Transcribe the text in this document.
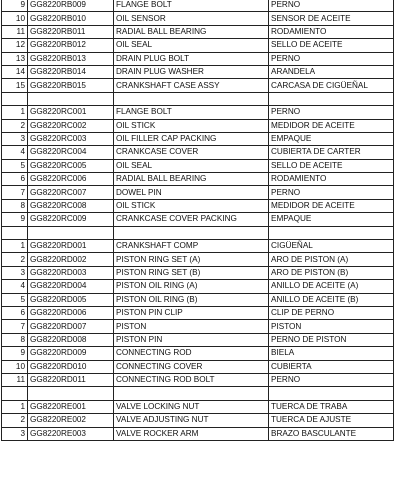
9	GG8220RB009	FLANGE BOLT	PERNO
10	GG8220RB010	OIL SENSOR	SENSOR DE ACEITE
11	GG8220RB011	RADIAL BALL BEARING	RODAMIENTO
12	GG8220RB012	OIL SEAL	SELLO DE ACEITE
13	GG8220RB013	DRAIN PLUG BOLT	PERNO
14	GG8220RB014	DRAIN PLUG WASHER	ARANDELA
15	GG8220RB015	CRANKSHAFT CASE ASSY	CARCASA DE CIGÜEÑAL

1	GG8220RC001	FLANGE BOLT	PERNO
2	GG8220RC002	OIL STICK	MEDIDOR DE ACEITE
3	GG8220RC003	OIL FILLER CAP PACKING	EMPAQUE
4	GG8220RC004	CRANKCASE COVER	CUBIERTA DE CARTER
5	GG8220RC005	OIL SEAL	SELLO DE ACEITE
6	GG8220RC006	RADIAL BALL BEARING	RODAMIENTO
7	GG8220RC007	DOWEL PIN	PERNO
8	GG8220RC008	OIL STICK	MEDIDOR DE ACEITE
9	GG8220RC009	CRANKCASE COVER PACKING	EMPAQUE

1	GG8220RD001	CRANKSHAFT COMP	CIGÜEÑAL
2	GG8220RD002	PISTON RING SET (A)	ARO DE PISTON (A)
3	GG8220RD003	PISTON RING SET (B)	ARO DE PISTON (B)
4	GG8220RD004	PISTON OIL RING (A)	ANILLO DE ACEITE (A)
5	GG8220RD005	PISTON OIL RING (B)	ANILLO DE ACEITE (B)
6	GG8220RD006	PISTON PIN CLIP	CLIP DE PERNO
7	GG8220RD007	PISTON	PISTON
8	GG8220RD008	PISTON PIN	PERNO DE PISTON
9	GG8220RD009	CONNECTING ROD	BIELA
10	GG8220RD010	CONNECTING COVER	CUBIERTA
11	GG8220RD011	CONNECTING ROD BOLT	PERNO

1	GG8220RE001	VALVE LOCKING NUT	TUERCA DE TRABA
2	GG8220RE002	VALVE ADJUSTING NUT	TUERCA DE AJUSTE
3	GG8220RE003	VALVE ROCKER ARM	BRAZO BASCULANTE
